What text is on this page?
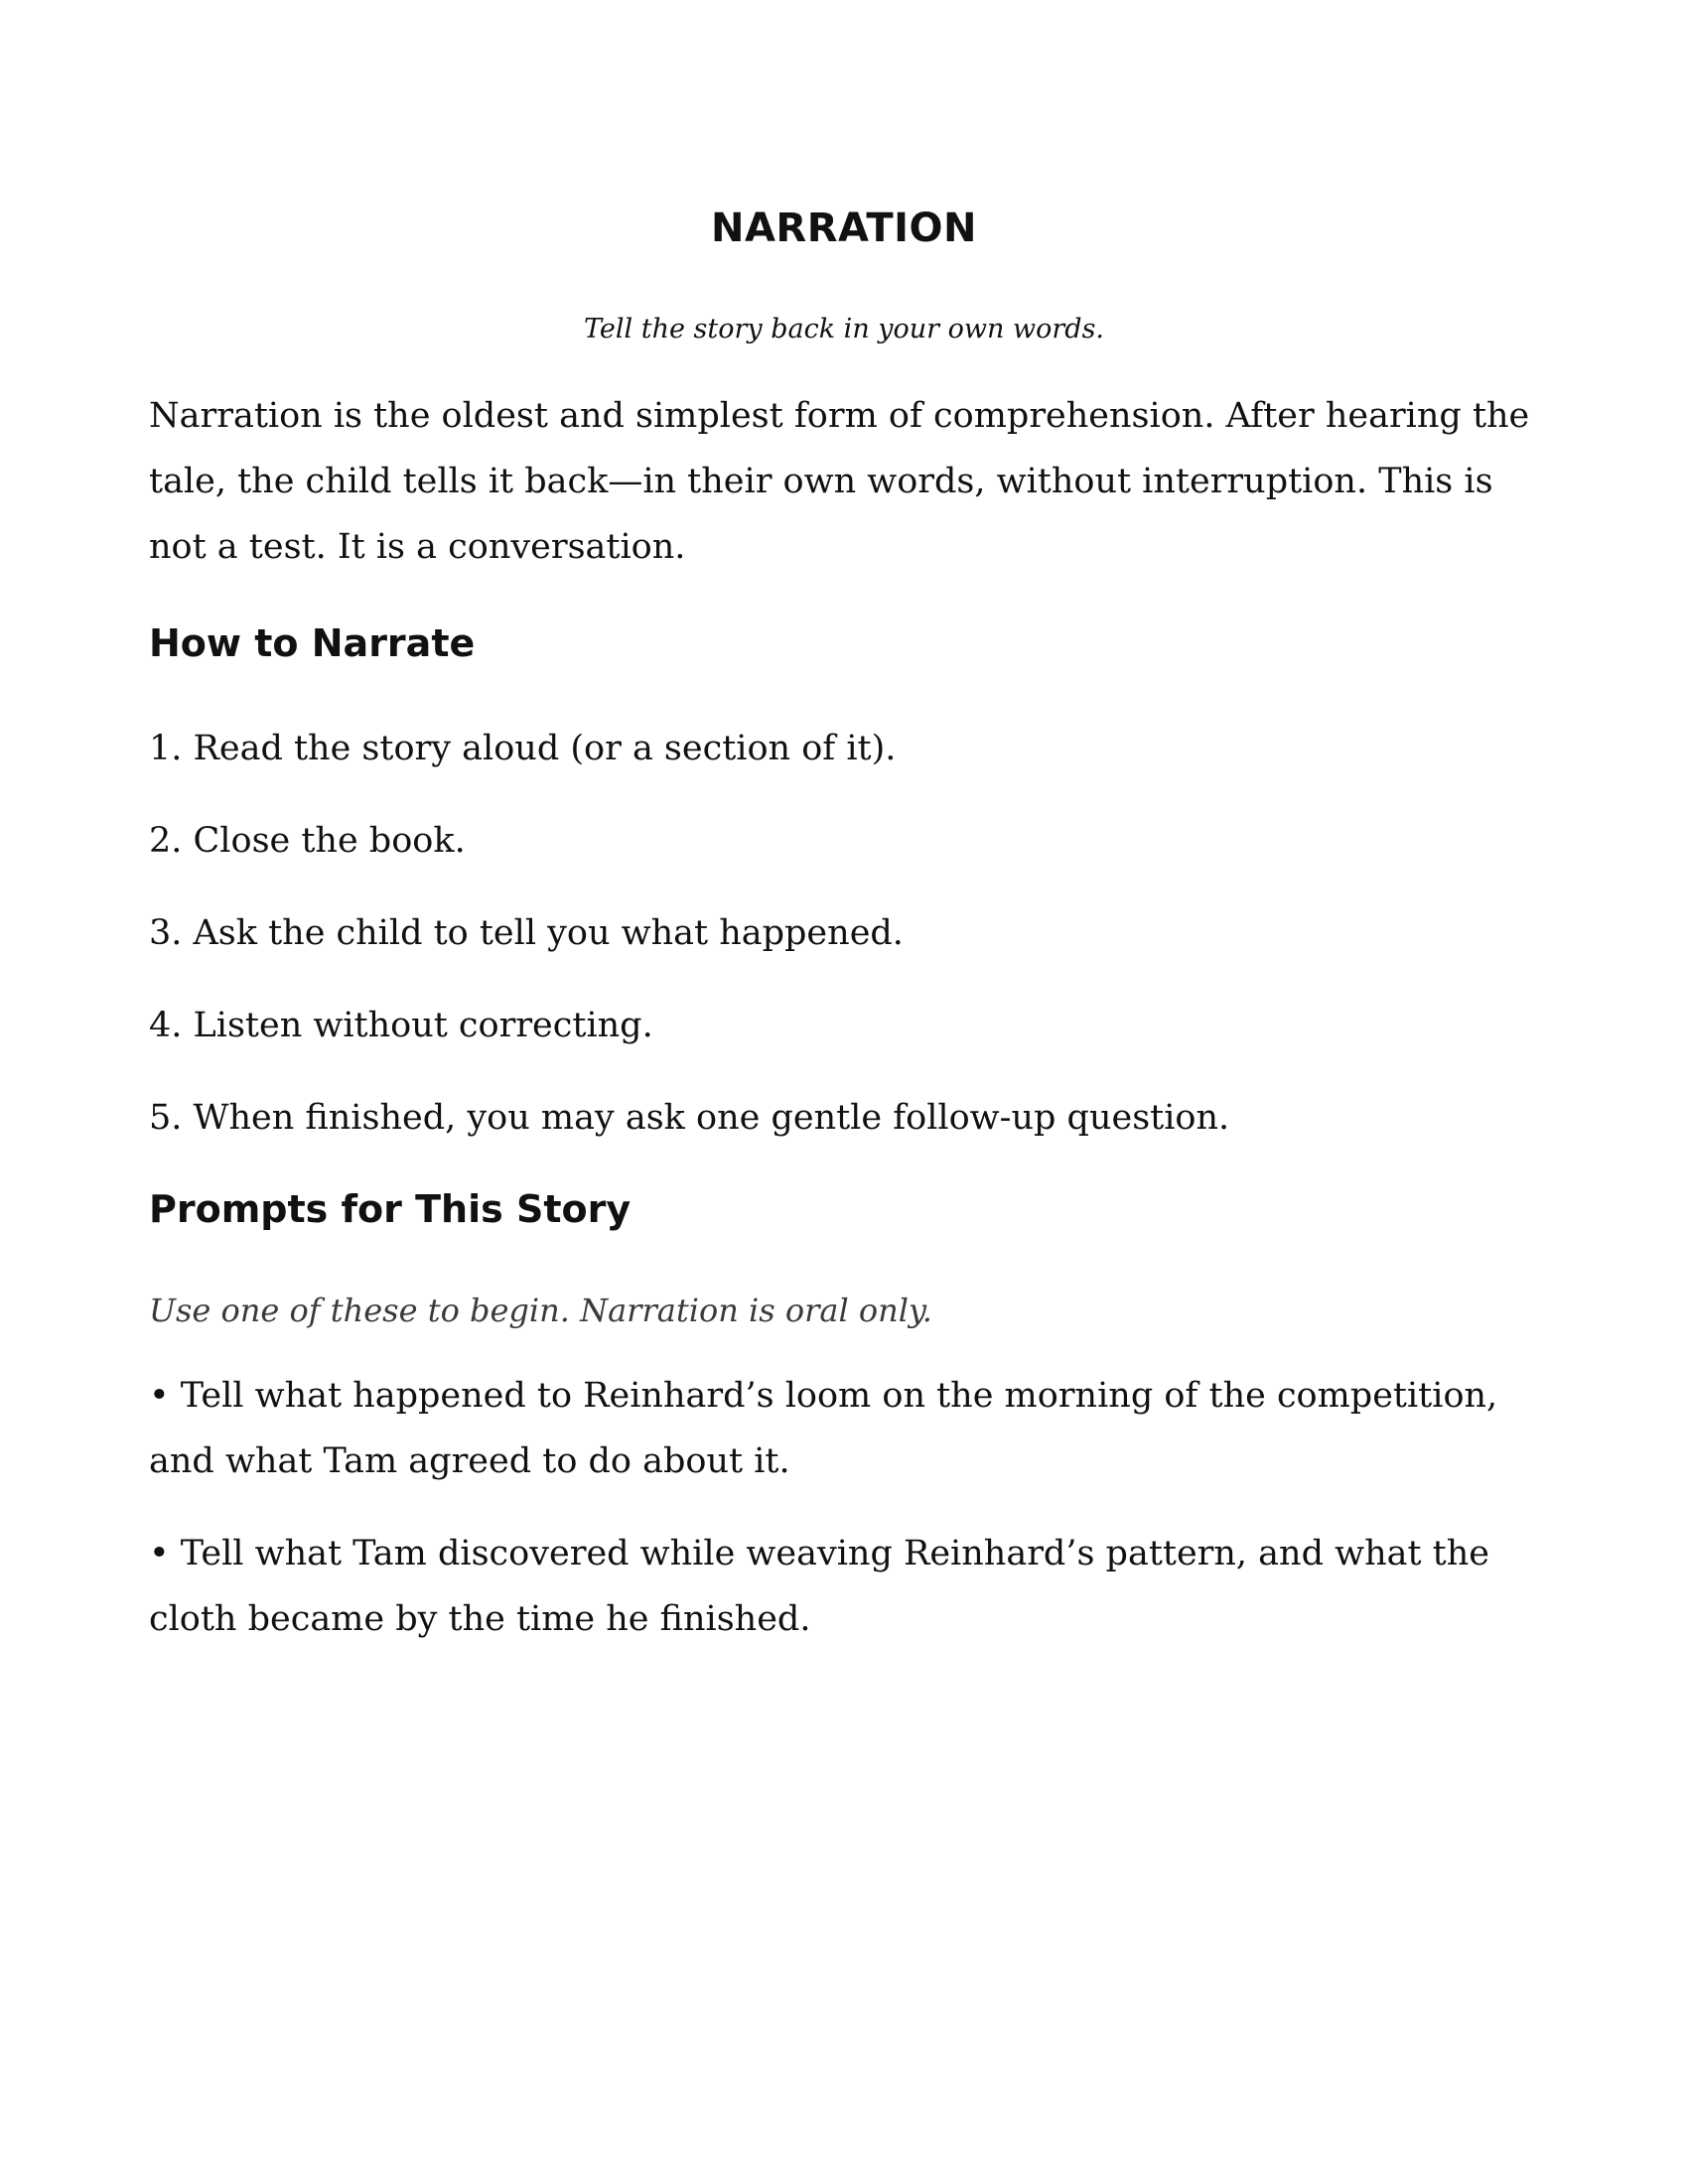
NARRATION

Tell the story back in your own words.

Narration is the oldest and simplest form of comprehension. After hearing the tale, the child tells it back—in their own words, without interruption. This is not a test. It is a conversation.

How to Narrate

1. Read the story aloud (or a section of it).

2. Close the book.

3. Ask the child to tell you what happened.

4. Listen without correcting.

5. When finished, you may ask one gentle follow-up question.

Prompts for This Story

Use one of these to begin. Narration is oral only.

• Tell what happened to Reinhard’s loom on the morning of the competition, and what Tam agreed to do about it.

• Tell what Tam discovered while weaving Reinhard’s pattern, and what the cloth became by the time he finished.
